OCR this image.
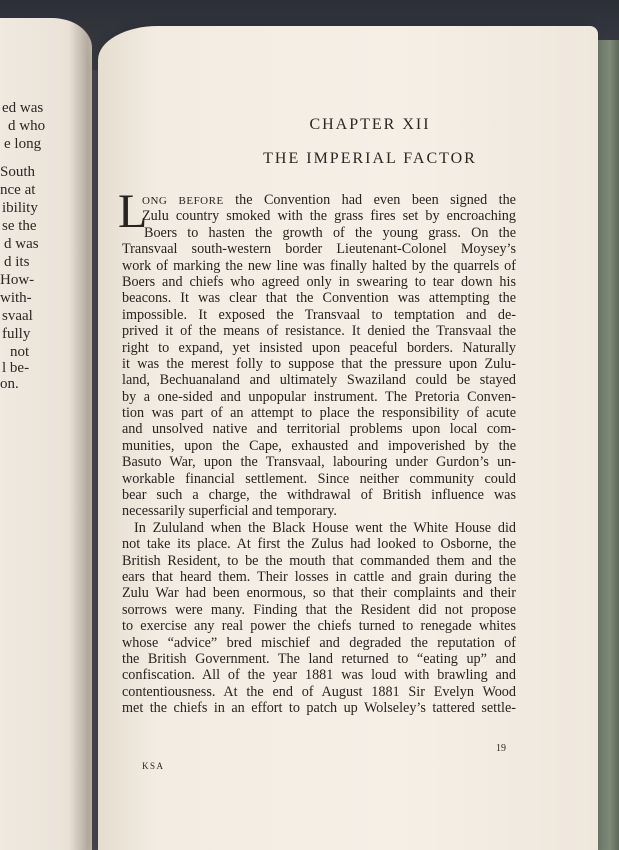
ed was
d who
e long
South
nce at
ibility
se the
d was
d its
How-
with-
svaal
fully
not
l be-
on.
CHAPTER XII
THE IMPERIAL FACTOR
L
ONG BEFORE the Convention had even been signed the
Zulu country smoked with the grass fires set by encroaching
Boers to hasten the growth of the young grass. On the
Transvaal south-western border Lieutenant-Colonel Moysey’s
work of marking the new line was finally halted by the quarrels of
Boers and chiefs who agreed only in swearing to tear down his
beacons. It was clear that the Convention was attempting the
impossible. It exposed the Transvaal to temptation and de-
prived it of the means of resistance. It denied the Transvaal the
right to expand, yet insisted upon peaceful borders. Naturally
it was the merest folly to suppose that the pressure upon Zulu-
land, Bechuanaland and ultimately Swaziland could be stayed
by a one-sided and unpopular instrument. The Pretoria Conven-
tion was part of an attempt to place the responsibility of acute
and unsolved native and territorial problems upon local com-
munities, upon the Cape, exhausted and impoverished by the
Basuto War, upon the Transvaal, labouring under Gurdon’s un-
workable financial settlement. Since neither community could
bear such a charge, the withdrawal of British influence was
necessarily superficial and temporary.
In Zululand when the Black House went the White House did
not take its place. At first the Zulus had looked to Osborne, the
British Resident, to be the mouth that commanded them and the
ears that heard them. Their losses in cattle and grain during the
Zulu War had been enormous, so that their complaints and their
sorrows were many. Finding that the Resident did not propose
to exercise any real power the chiefs turned to renegade whites
whose “advice” bred mischief and degraded the reputation of
the British Government. The land returned to “eating up” and
confiscation. All of the year 1881 was loud with brawling and
contentiousness. At the end of August 1881 Sir Evelyn Wood
met the chiefs in an effort to patch up Wolseley’s tattered settle-
19
KSA
